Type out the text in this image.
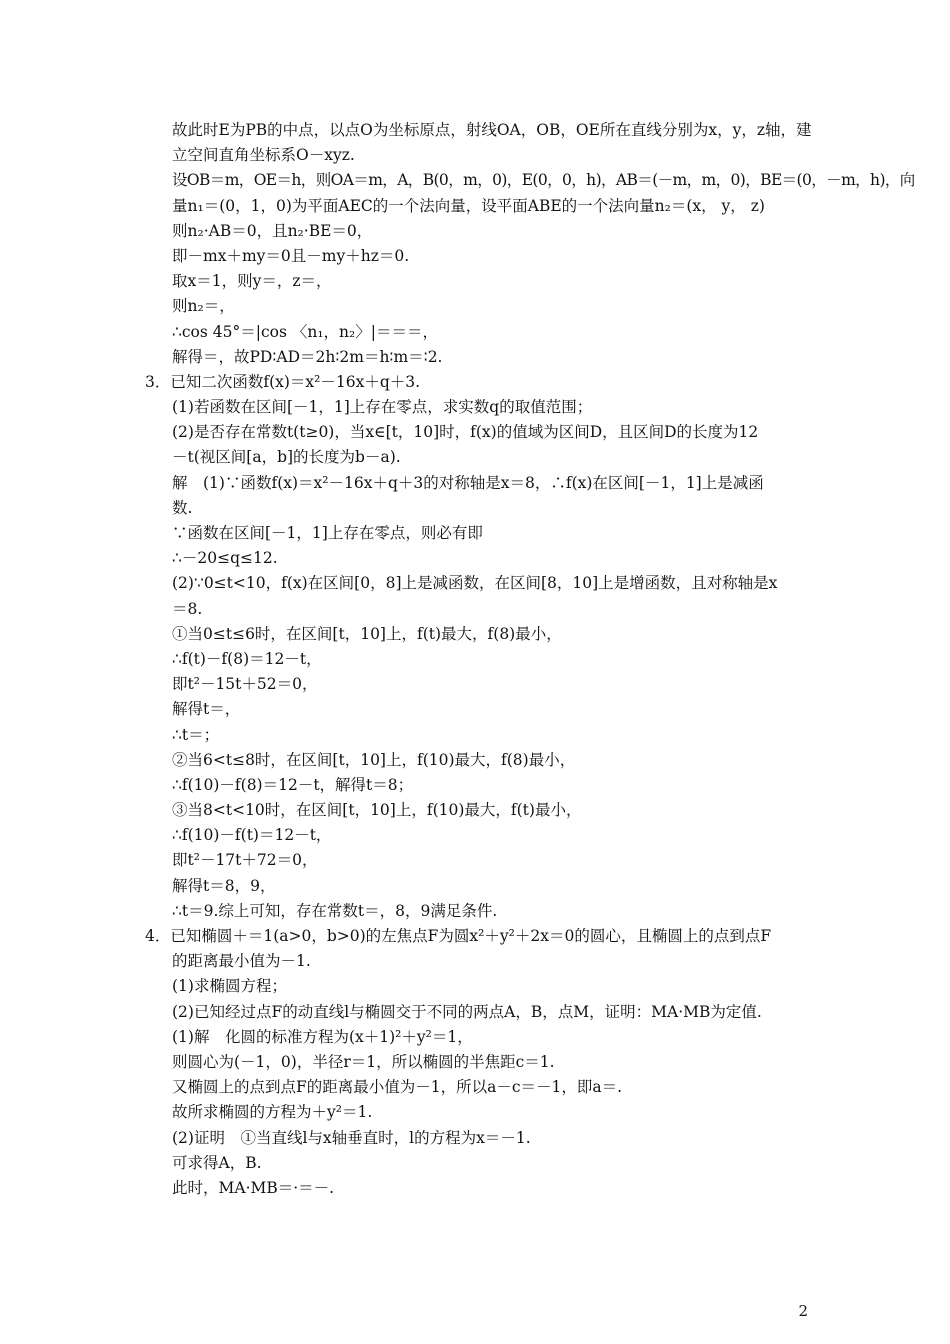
故此时E为PB的中点，以点O为坐标原点，射线OA，OB，OE所在直线分别为x，y，z轴，建
立空间直角坐标系O－xyz.
设OB＝m，OE＝h，则OA＝m，A，B(0，m，0)，E(0，0，h)，AB＝(－m，m，0)，BE＝(0，－m，h)，向
量n₁＝(0，1，0)为平面AEC的一个法向量，设平面ABE的一个法向量n₂＝(x， y， z)
则n₂·AB＝0，且n₂·BE＝0，
即－mx＋my＝0且－my＋hz＝0.
取x＝1，则y＝，z＝，
则n₂＝，
∴cos 45°＝|cos 〈n₁，n₂〉|＝＝＝，
解得＝，故PD∶AD＝2h∶2m＝h∶m＝∶2.
3．已知二次函数f(x)＝x²－16x＋q＋3.
(1)若函数在区间[－1，1]上存在零点，求实数q的取值范围；
(2)是否存在常数t(t≥0)，当x∈[t，10]时，f(x)的值域为区间D，且区间D的长度为12
－t(视区间[a，b]的长度为b－a).
解　(1)∵函数f(x)＝x²－16x＋q＋3的对称轴是x＝8，∴f(x)在区间[－1，1]上是减函
数.
∵函数在区间[－1，1]上存在零点，则必有即
∴－20≤q≤12.
(2)∵0≤t<10，f(x)在区间[0，8]上是减函数，在区间[8，10]上是增函数，且对称轴是x
＝8.
①当0≤t≤6时，在区间[t，10]上，f(t)最大，f(8)最小，
∴f(t)－f(8)＝12－t，
即t²－15t＋52＝0，
解得t＝，
∴t＝；
②当6<t≤8时，在区间[t，10]上，f(10)最大，f(8)最小，
∴f(10)－f(8)＝12－t，解得t＝8；
③当8<t<10时，在区间[t，10]上，f(10)最大，f(t)最小，
∴f(10)－f(t)＝12－t，
即t²－17t＋72＝0，
解得t＝8，9，
∴t＝9.综上可知，存在常数t＝，8，9满足条件.
4．已知椭圆＋＝1(a>0，b>0)的左焦点F为圆x²＋y²＋2x＝0的圆心，且椭圆上的点到点F
的距离最小值为－1.
(1)求椭圆方程；
(2)已知经过点F的动直线l与椭圆交于不同的两点A，B，点M，证明：MA·MB为定值.
(1)解　化圆的标准方程为(x＋1)²＋y²＝1，
则圆心为(－1，0)，半径r＝1，所以椭圆的半焦距c＝1.
又椭圆上的点到点F的距离最小值为－1，所以a－c＝－1，即a＝.
故所求椭圆的方程为＋y²＝1.
(2)证明　①当直线l与x轴垂直时，l的方程为x＝－1.
可求得A，B.
此时，MA·MB＝·＝－.
2
